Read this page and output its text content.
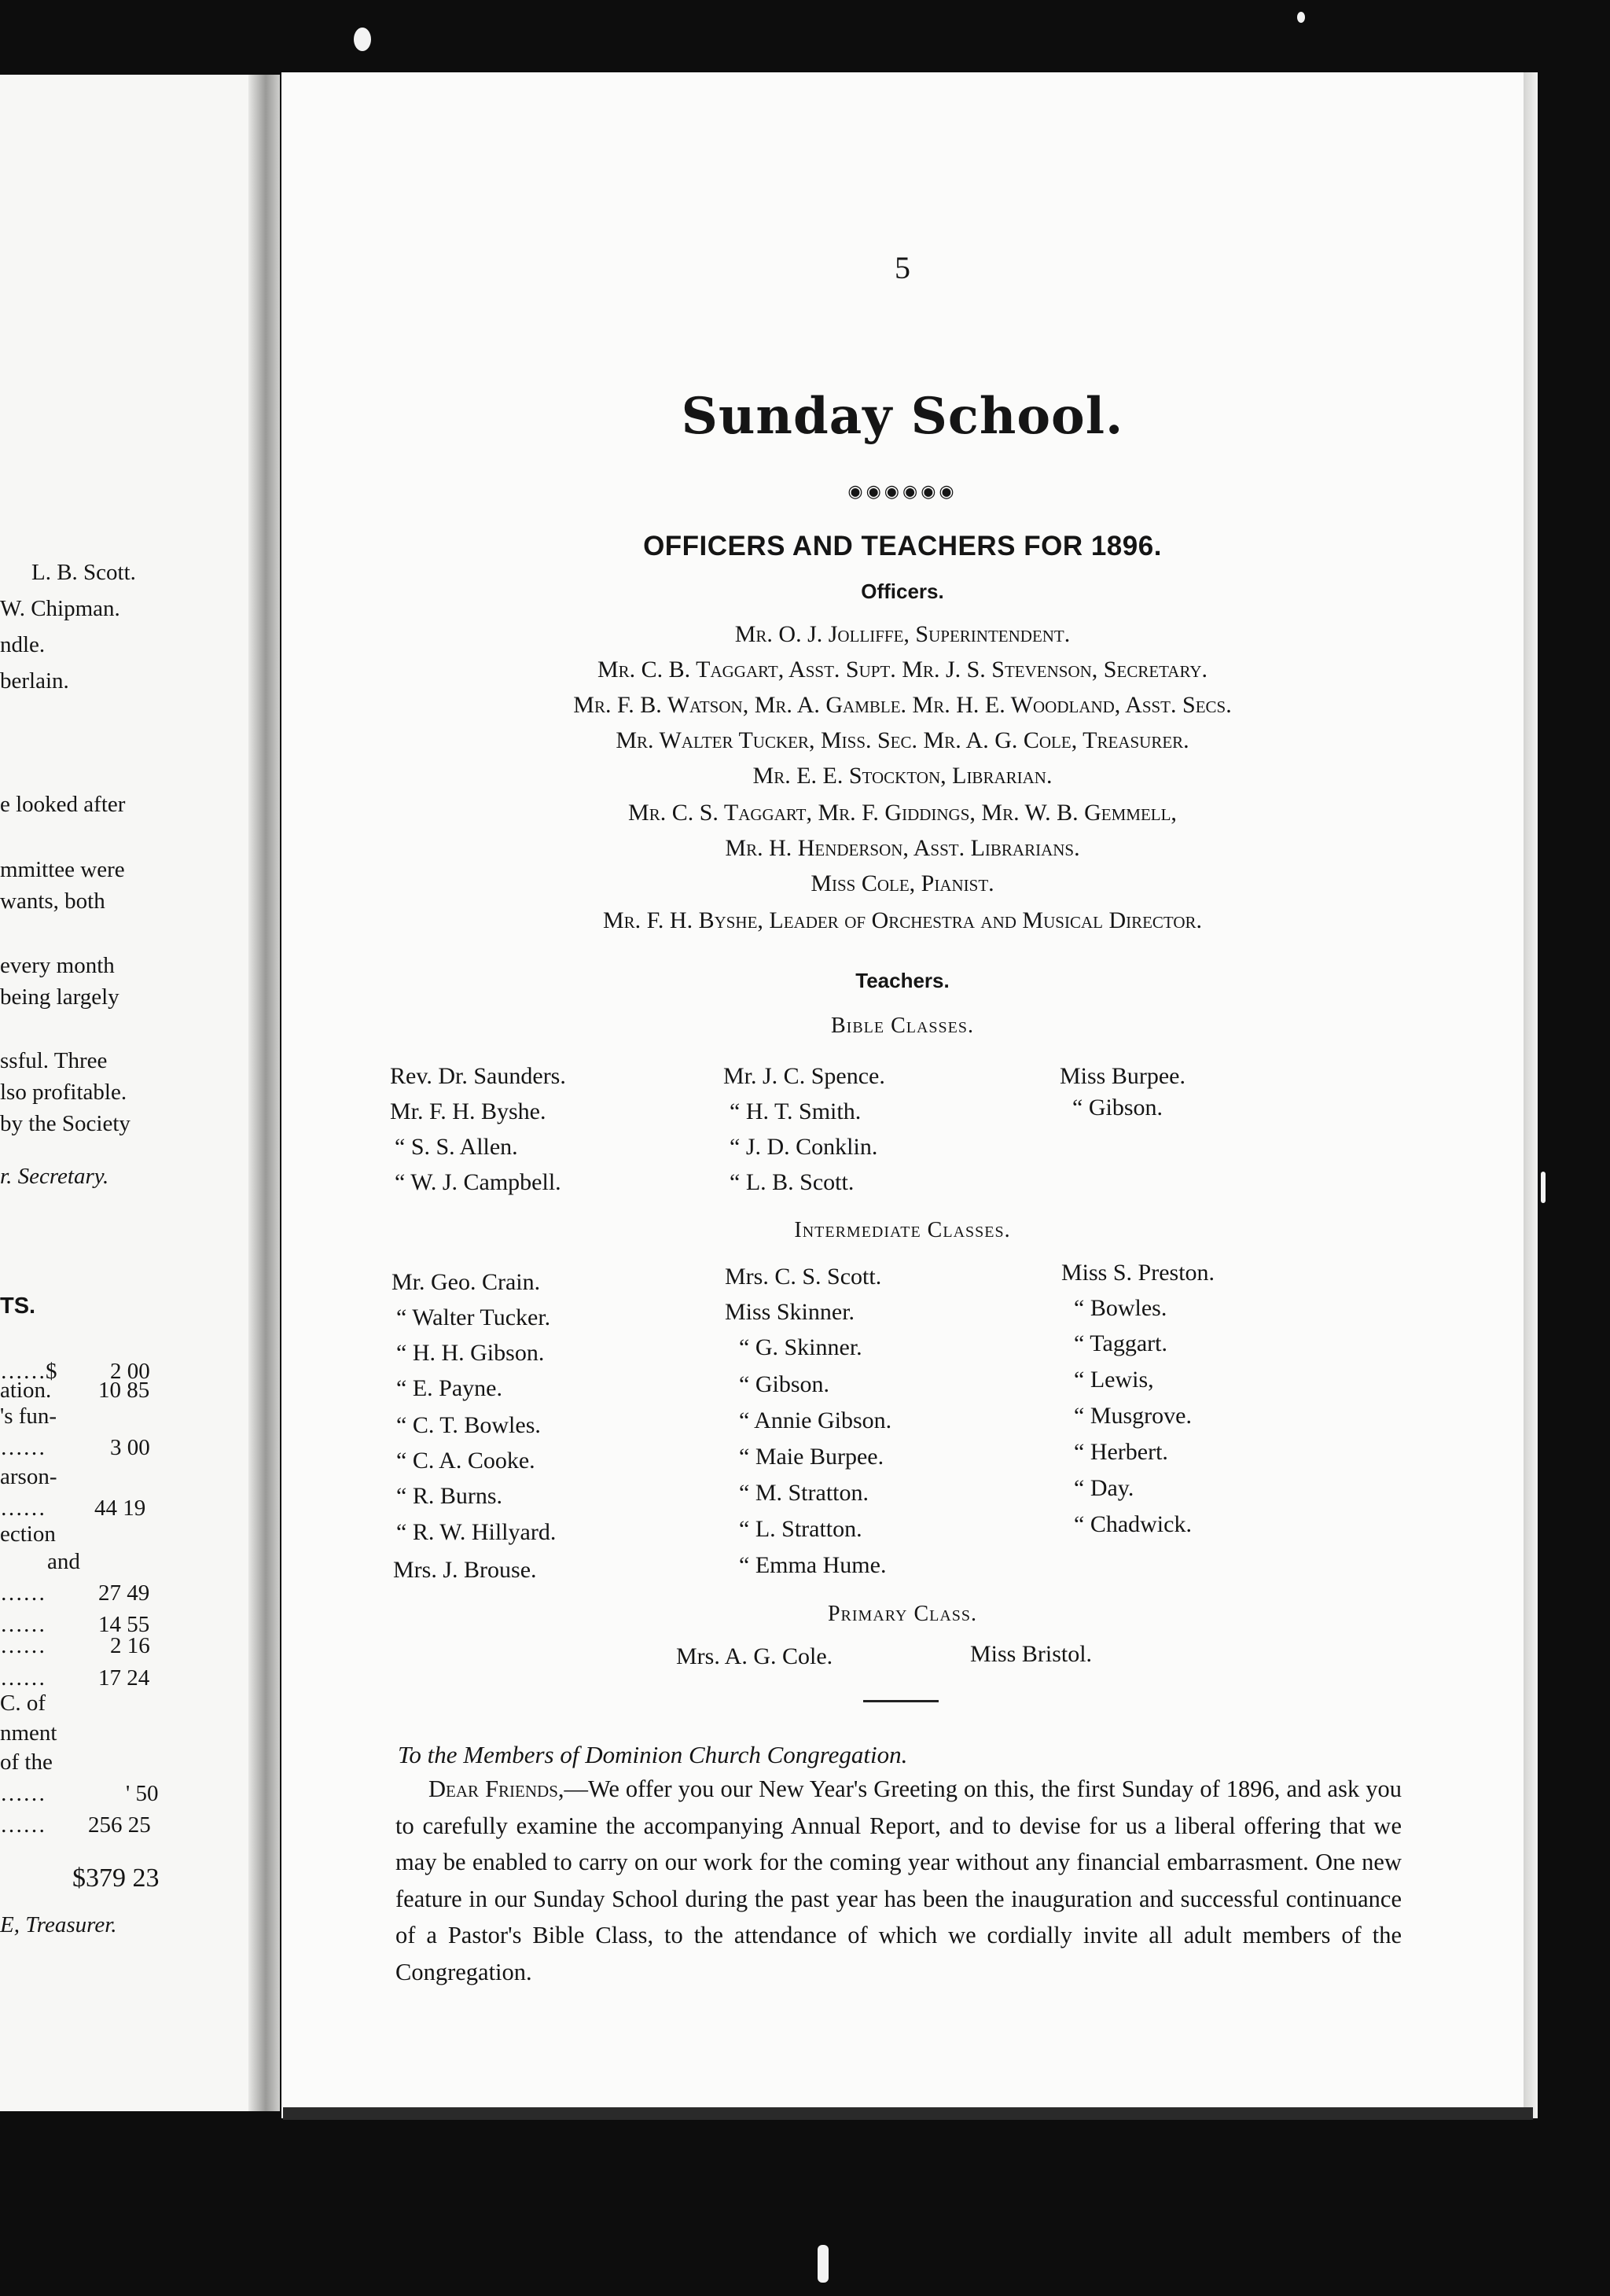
L. B. Scott.
W. Chipman.
ndle.
berlain.
e looked after
mmittee were
wants, both
every month
being largely
ssful. Three
lso profitable.
by the Society
r. Secretary.
TS.
……$
ation.
's fun-
……
arson-
……
ection
and
……
……
……
……
C. of
nment
of the
……
……
E, Treasurer.
2 00
10 85
3 00
44 19
27 49
14 55
2 16
17 24
' 50
256 25
$379 23
5
Sunday School.
◉◉◉◉◉◉
OFFICERS AND TEACHERS FOR 1896.
Officers.
Mr. O. J. Jolliffe, Superintendent.
Mr. C. B. Taggart, Asst. Supt. Mr. J. S. Stevenson, Secretary.
Mr. F. B. Watson, Mr. A. Gamble. Mr. H. E. Woodland, Asst. Secs.
Mr. Walter Tucker, Miss. Sec. Mr. A. G. Cole, Treasurer.
Mr. E. E. Stockton, Librarian.
Mr. C. S. Taggart, Mr. F. Giddings, Mr. W. B. Gemmell,
Mr. H. Henderson, Asst. Librarians.
Miss Cole, Pianist.
Mr. F. H. Byshe, Leader of Orchestra and Musical Director.
Teachers.
Bible Classes.
Rev. Dr. Saunders.
Mr. F. H. Byshe.
“ S. S. Allen.
“ W. J. Campbell.
Mr. J. C. Spence.
“ H. T. Smith.
“ J. D. Conklin.
“ L. B. Scott.
Miss Burpee.
“ Gibson.
Intermediate Classes.
Mr. Geo. Crain.
“ Walter Tucker.
“ H. H. Gibson.
“ E. Payne.
“ C. T. Bowles.
“ C. A. Cooke.
“ R. Burns.
“ R. W. Hillyard.
Mrs. J. Brouse.
Mrs. C. S. Scott.
Miss Skinner.
“ G. Skinner.
“ Gibson.
“ Annie Gibson.
“ Maie Burpee.
“ M. Stratton.
“ L. Stratton.
“ Emma Hume.
Miss S. Preston.
“ Bowles.
“ Taggart.
“ Lewis,
“ Musgrove.
“ Herbert.
“ Day.
“ Chadwick.
Primary Class.
Mrs. A. G. Cole.	Miss Bristol.
To the Members of Dominion Church Congregation.
Dear Friends,—We offer you our New Year's Greeting on this, the first Sunday of 1896, and ask you to carefully examine the accompanying Annual Report, and to devise for us a liberal offering that we may be enabled to carry on our work for the coming year without any financial embarrasment. One new feature in our Sunday School during the past year has been the inauguration and successful continuance of a Pastor's Bible Class, to the attendance of which we cordially invite all adult members of the Congregation.
